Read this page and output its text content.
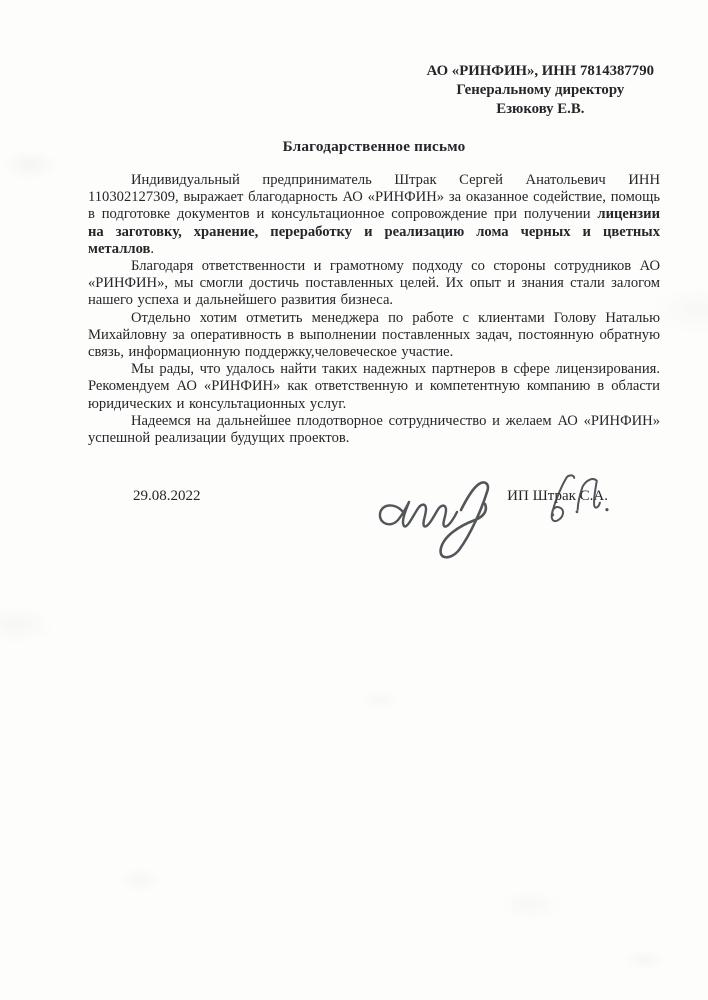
АО «РИНФИН», ИНН 7814387790
Генеральному директору
Езюкову Е.В.
Благодарственное письмо

Индивидуальный предприниматель Штрак Сергей Анатольевич ИНН 110302127309, выражает благодарность АО «РИНФИН» за оказанное содействие, помощь в подготовке документов и консультационное сопровождение при получении лицензии на заготовку, хранение, переработку и реализацию лома черных и цветных металлов.

Благодаря ответственности и грамотному подходу со стороны сотрудников АО «РИНФИН», мы смогли достичь поставленных целей. Их опыт и знания стали залогом нашего успеха и дальнейшего развития бизнеса.

Отдельно хотим отметить менеджера по работе с клиентами Голову Наталью Михайловну за оперативность в выполнении поставленных задач, постоянную обратную связь, информационную поддержку,человеческое участие.

Мы рады, что удалось найти таких надежных партнеров в сфере лицензирования. Рекомендуем АО «РИНФИН» как ответственную и компетентную компанию в области юридических и консультационных услуг.

Надеемся на дальнейшее плодотворное сотрудничество и желаем АО «РИНФИН» успешной реализации будущих проектов.

29.08.2022	ИП Штрак С.А.
